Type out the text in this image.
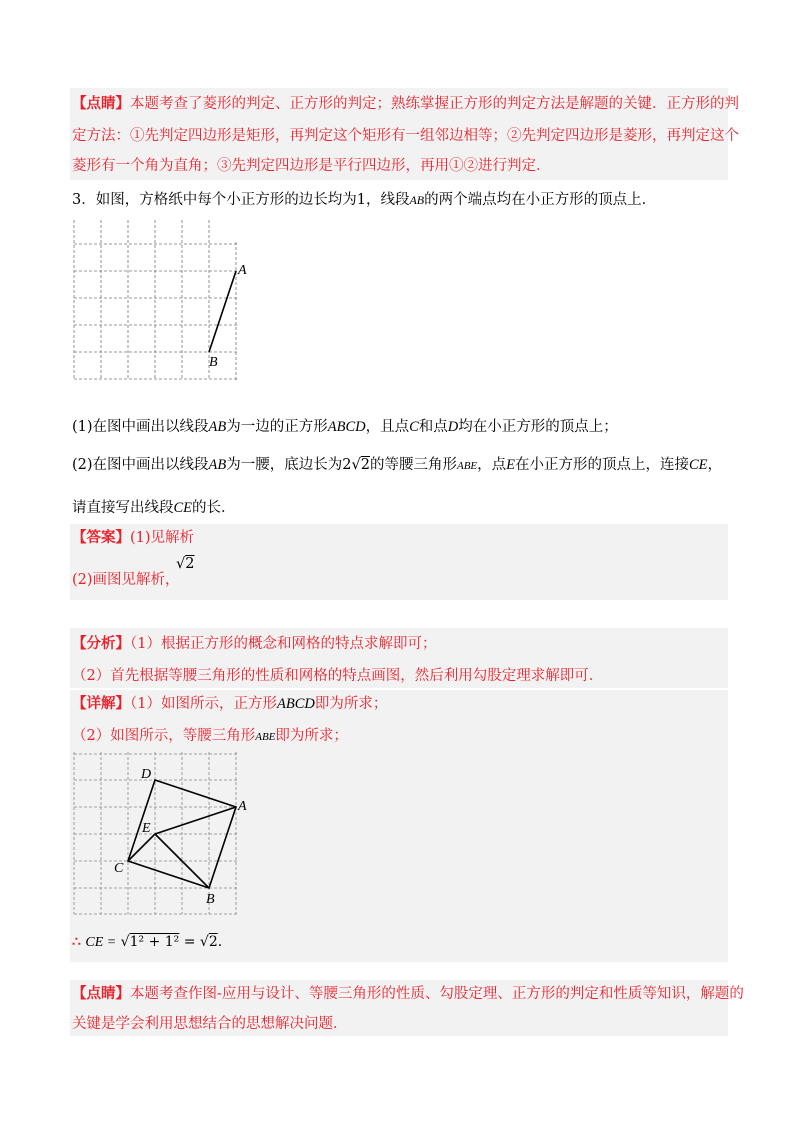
【点睛】本题考查了菱形的判定、正方形的判定；熟练掌握正方形的判定方法是解题的关键．正方形的判
定方法：①先判定四边形是矩形，再判定这个矩形有一组邻边相等；②先判定四边形是菱形，再判定这个
菱形有一个角为直角；③先判定四边形是平行四边形，再用①②进行判定．
3．如图，方格纸中每个小正方形的边长均为1，线段AB的两个端点均在小正方形的顶点上．
A
B
(1)在图中画出以线段AB为一边的正方形ABCD，且点C和点D均在小正方形的顶点上；
(2)在图中画出以线段AB为一腰，底边长为2√2的等腰三角形ABE，点E在小正方形的顶点上，连接CE，
请直接写出线段CE的长．
【答案】(1)见解析
(2)画图见解析，
√2
【分析】（1）根据正方形的概念和网格的特点求解即可；
（2）首先根据等腰三角形的性质和网格的特点画图，然后利用勾股定理求解即可．
【详解】（1）如图所示，正方形ABCD即为所求；
（2）如图所示，等腰三角形ABE即为所求；
D
A
E
C
B
∴ CE = √1² + 1² = √2.
【点睛】本题考查作图-应用与设计、等腰三角形的性质、勾股定理、正方形的判定和性质等知识，解题的
关键是学会利用思想结合的思想解决问题．
